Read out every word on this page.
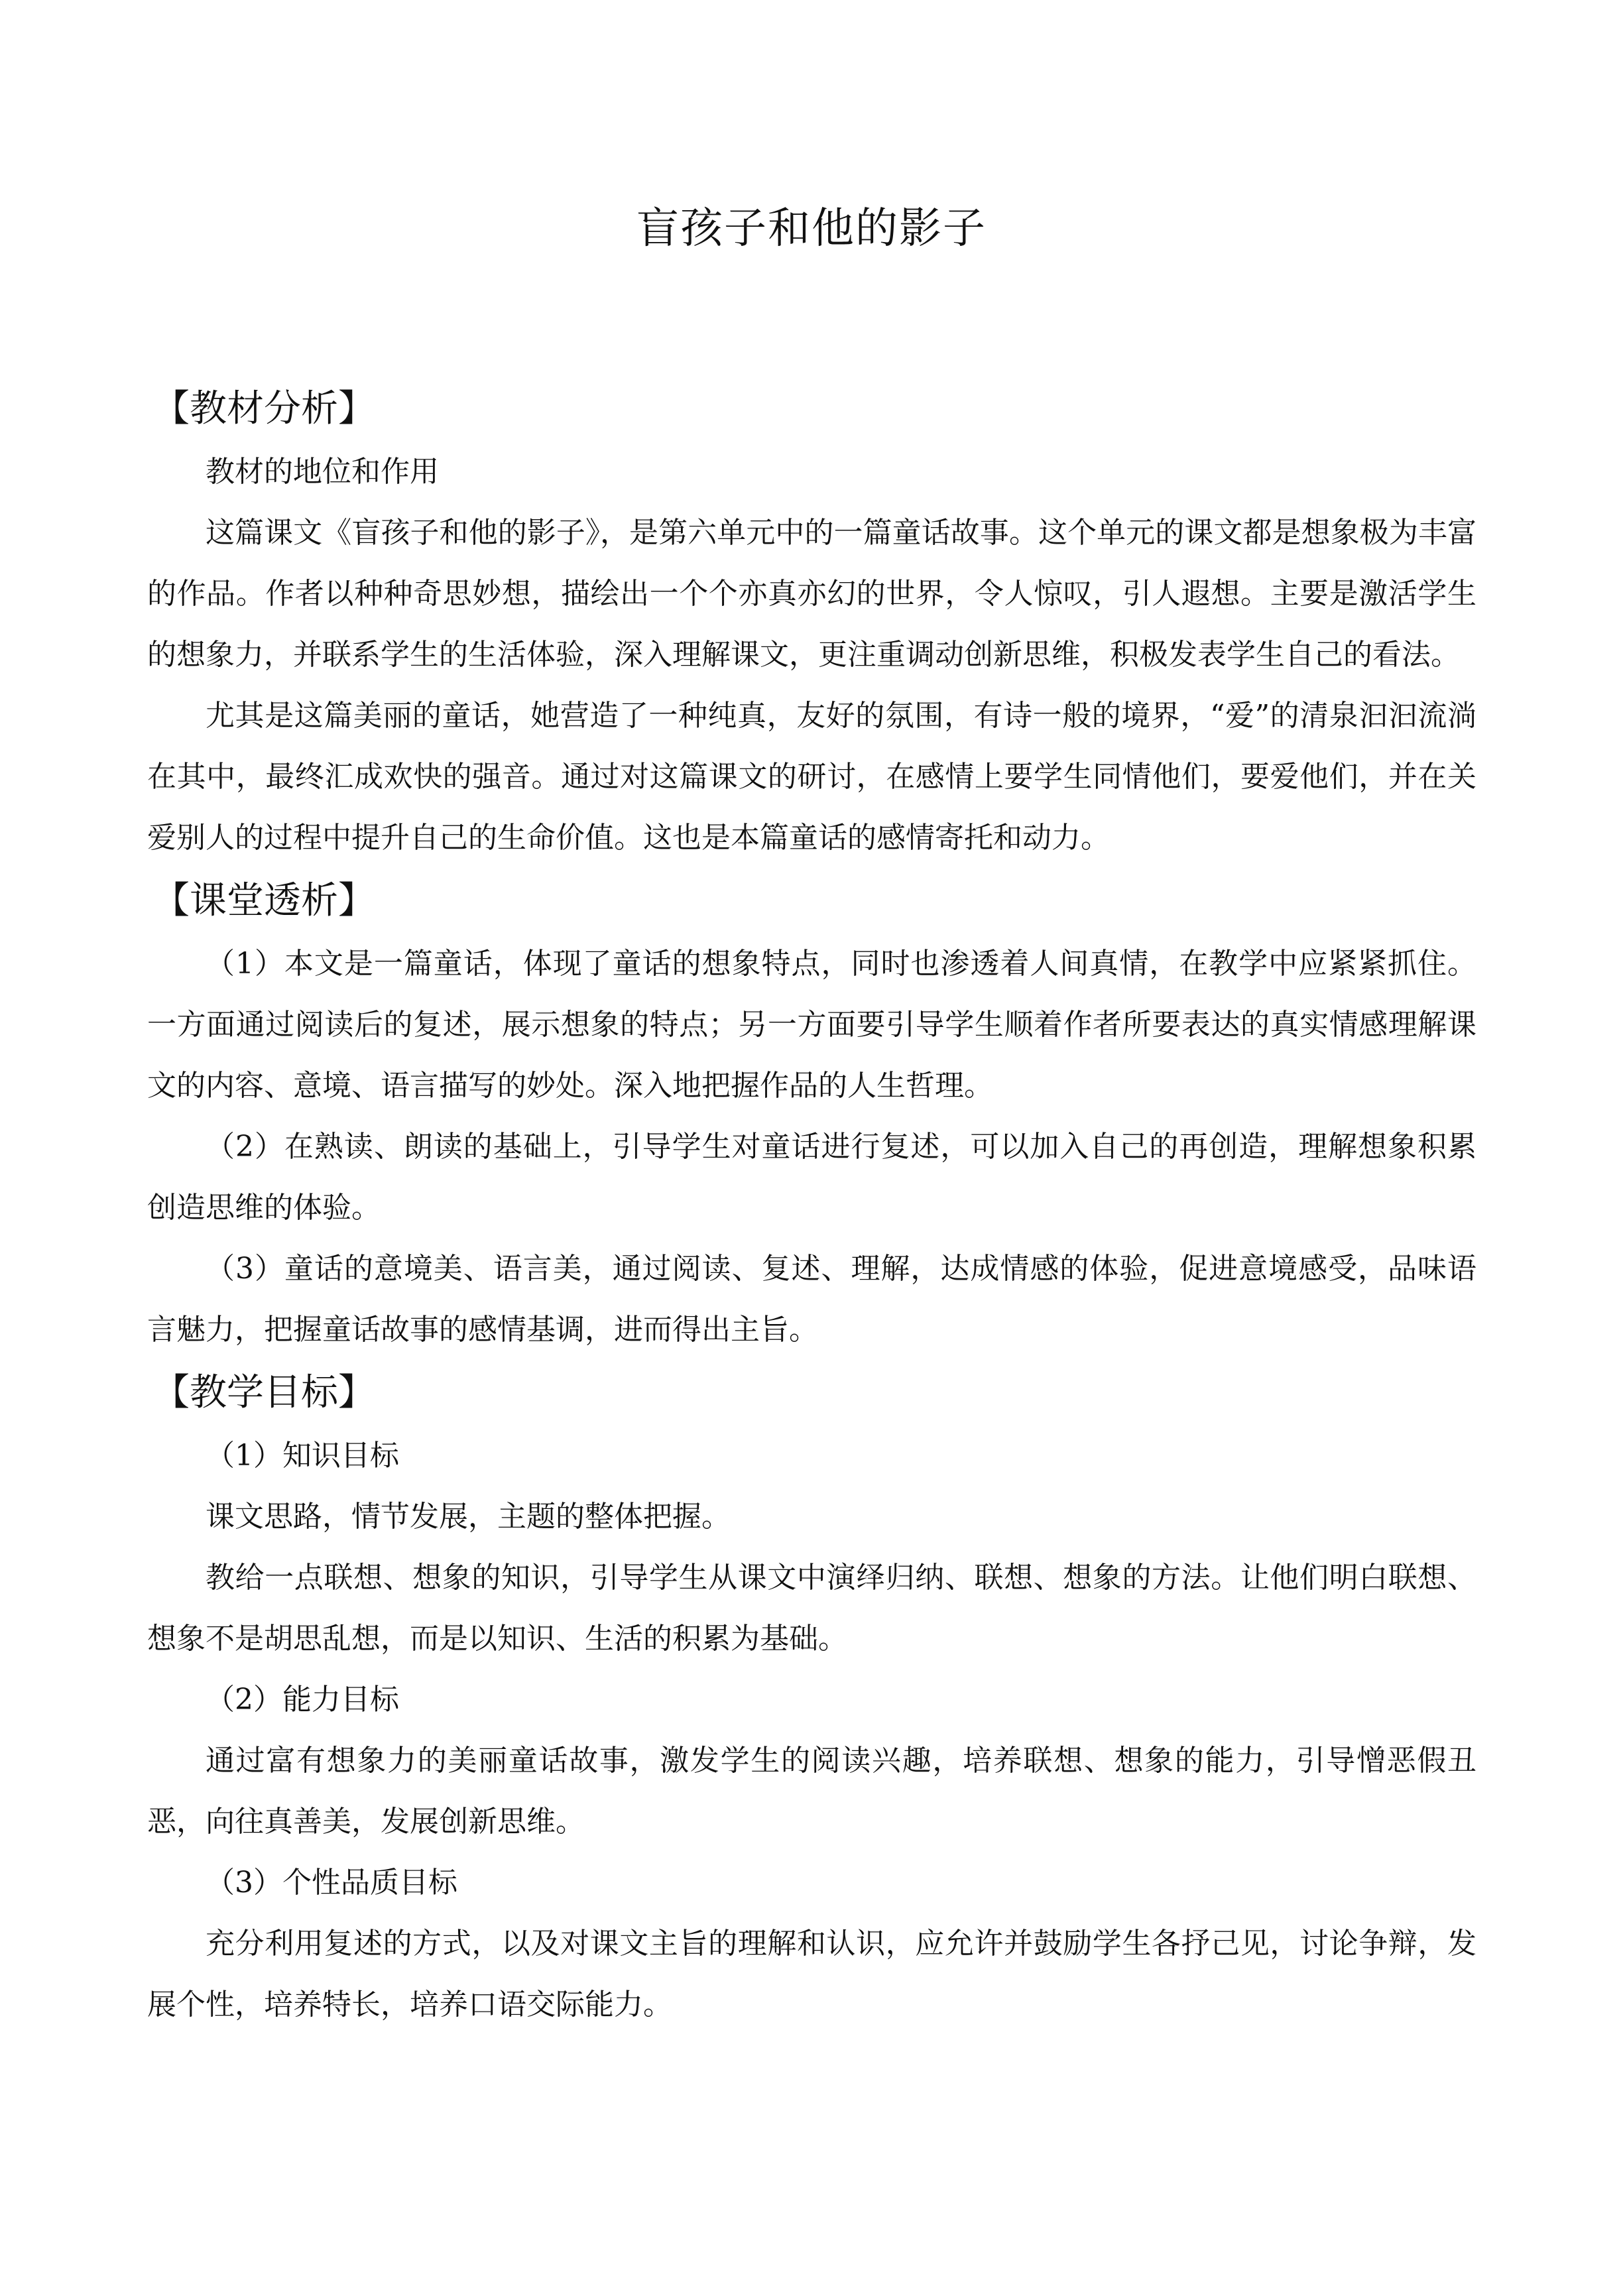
盲孩子和他的影子

【教材分析】

教材的地位和作用

这篇课文《盲孩子和他的影子》，是第六单元中的一篇童话故事。这个单元的课文都是想象极为丰富的作品。作者以种种奇思妙想，描绘出一个个亦真亦幻的世界，令人惊叹，引人遐想。主要是激活学生的想象力，并联系学生的生活体验，深入理解课文，更注重调动创新思维，积极发表学生自己的看法。

尤其是这篇美丽的童话，她营造了一种纯真，友好的氛围，有诗一般的境界，“爱”的清泉汩汩流淌在其中，最终汇成欢快的强音。通过对这篇课文的研讨，在感情上要学生同情他们，要爱他们，并在关爱别人的过程中提升自己的生命价值。这也是本篇童话的感情寄托和动力。

【课堂透析】

（1）本文是一篇童话，体现了童话的想象特点，同时也渗透着人间真情，在教学中应紧紧抓住。一方面通过阅读后的复述，展示想象的特点；另一方面要引导学生顺着作者所要表达的真实情感理解课文的内容、意境、语言描写的妙处。深入地把握作品的人生哲理。

（2）在熟读、朗读的基础上，引导学生对童话进行复述，可以加入自己的再创造，理解想象积累创造思维的体验。

（3）童话的意境美、语言美，通过阅读、复述、理解，达成情感的体验，促进意境感受，品味语言魅力，把握童话故事的感情基调，进而得出主旨。

【教学目标】

（1）知识目标

课文思路，情节发展，主题的整体把握。

教给一点联想、想象的知识，引导学生从课文中演绎归纳、联想、想象的方法。让他们明白联想、想象不是胡思乱想，而是以知识、生活的积累为基础。

（2）能力目标

通过富有想象力的美丽童话故事，激发学生的阅读兴趣，培养联想、想象的能力，引导憎恶假丑恶，向往真善美，发展创新思维。

（3）个性品质目标

充分利用复述的方式，以及对课文主旨的理解和认识，应允许并鼓励学生各抒己见，讨论争辩，发展个性，培养特长，培养口语交际能力。
